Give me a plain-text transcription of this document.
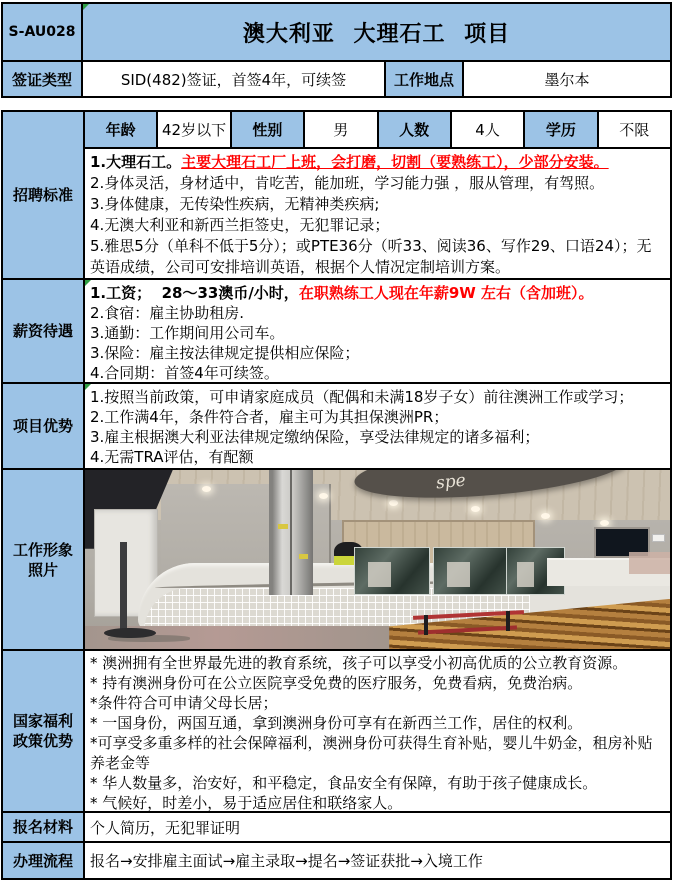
S-AU028	澳大利亚 大理石工 项目
签证类型	SID(482)签证，首签4年，可续签	工作地点	墨尔本
招聘标准
年龄	42岁以下	性别	男	人数	4人	学历	不限
1.大理石工。主要大理石工厂上班，会打磨，切割（要熟练工），少部分安装。
2.身体灵活，身材适中，肯吃苦，能加班，学习能力强 ，服从管理，有驾照。
3.身体健康，无传染性疾病，无精神类疾病;
4.无澳大利亚和新西兰拒签史，无犯罪记录；
5.雅思5分（单科不低于5分）；或PTE36分（听33、阅读36、写作29、口语24）；无英语成绩，公司可安排培训英语，根据个人情况定制培训方案。
薪资待遇
1.工资；  28～33澳币/小时，在职熟练工人现在年薪9W 左右（含加班）。
2.食宿：雇主协助租房.
3.通勤：工作期间用公司车。
3.保险：雇主按法律规定提供相应保险；
4.合同期：首签4年可续签。
项目优势
1.按照当前政策，可申请家庭成员（配偶和未满18岁子女）前往澳洲工作或学习；
2.工作满4年，条件符合者，雇主可为其担保澳洲PR；
3.雇主根据澳大利亚法律规定缴纳保险，享受法律规定的诸多福利；
4.无需TRA评估，有配额
工作形象照片
spe
国家福利政策优势
* 澳洲拥有全世界最先进的教育系统，孩子可以享受小初高优质的公立教育资源。
* 持有澳洲身份可在公立医院享受免费的医疗服务，免费看病，免费治病。
*条件符合可申请父母长居；
* 一国身份，两国互通，拿到澳洲身份可享有在新西兰工作，居住的权利。
*可享受多重多样的社会保障福利，澳洲身份可获得生育补贴，婴儿牛奶金，租房补贴养老金等
* 华人数量多，治安好，和平稳定，食品安全有保障，有助于孩子健康成长。
* 气候好，时差小，易于适应居住和联络家人。
报名材料	个人简历，无犯罪证明
办理流程	报名→安排雇主面试→雇主录取→提名→签证获批→入境工作
